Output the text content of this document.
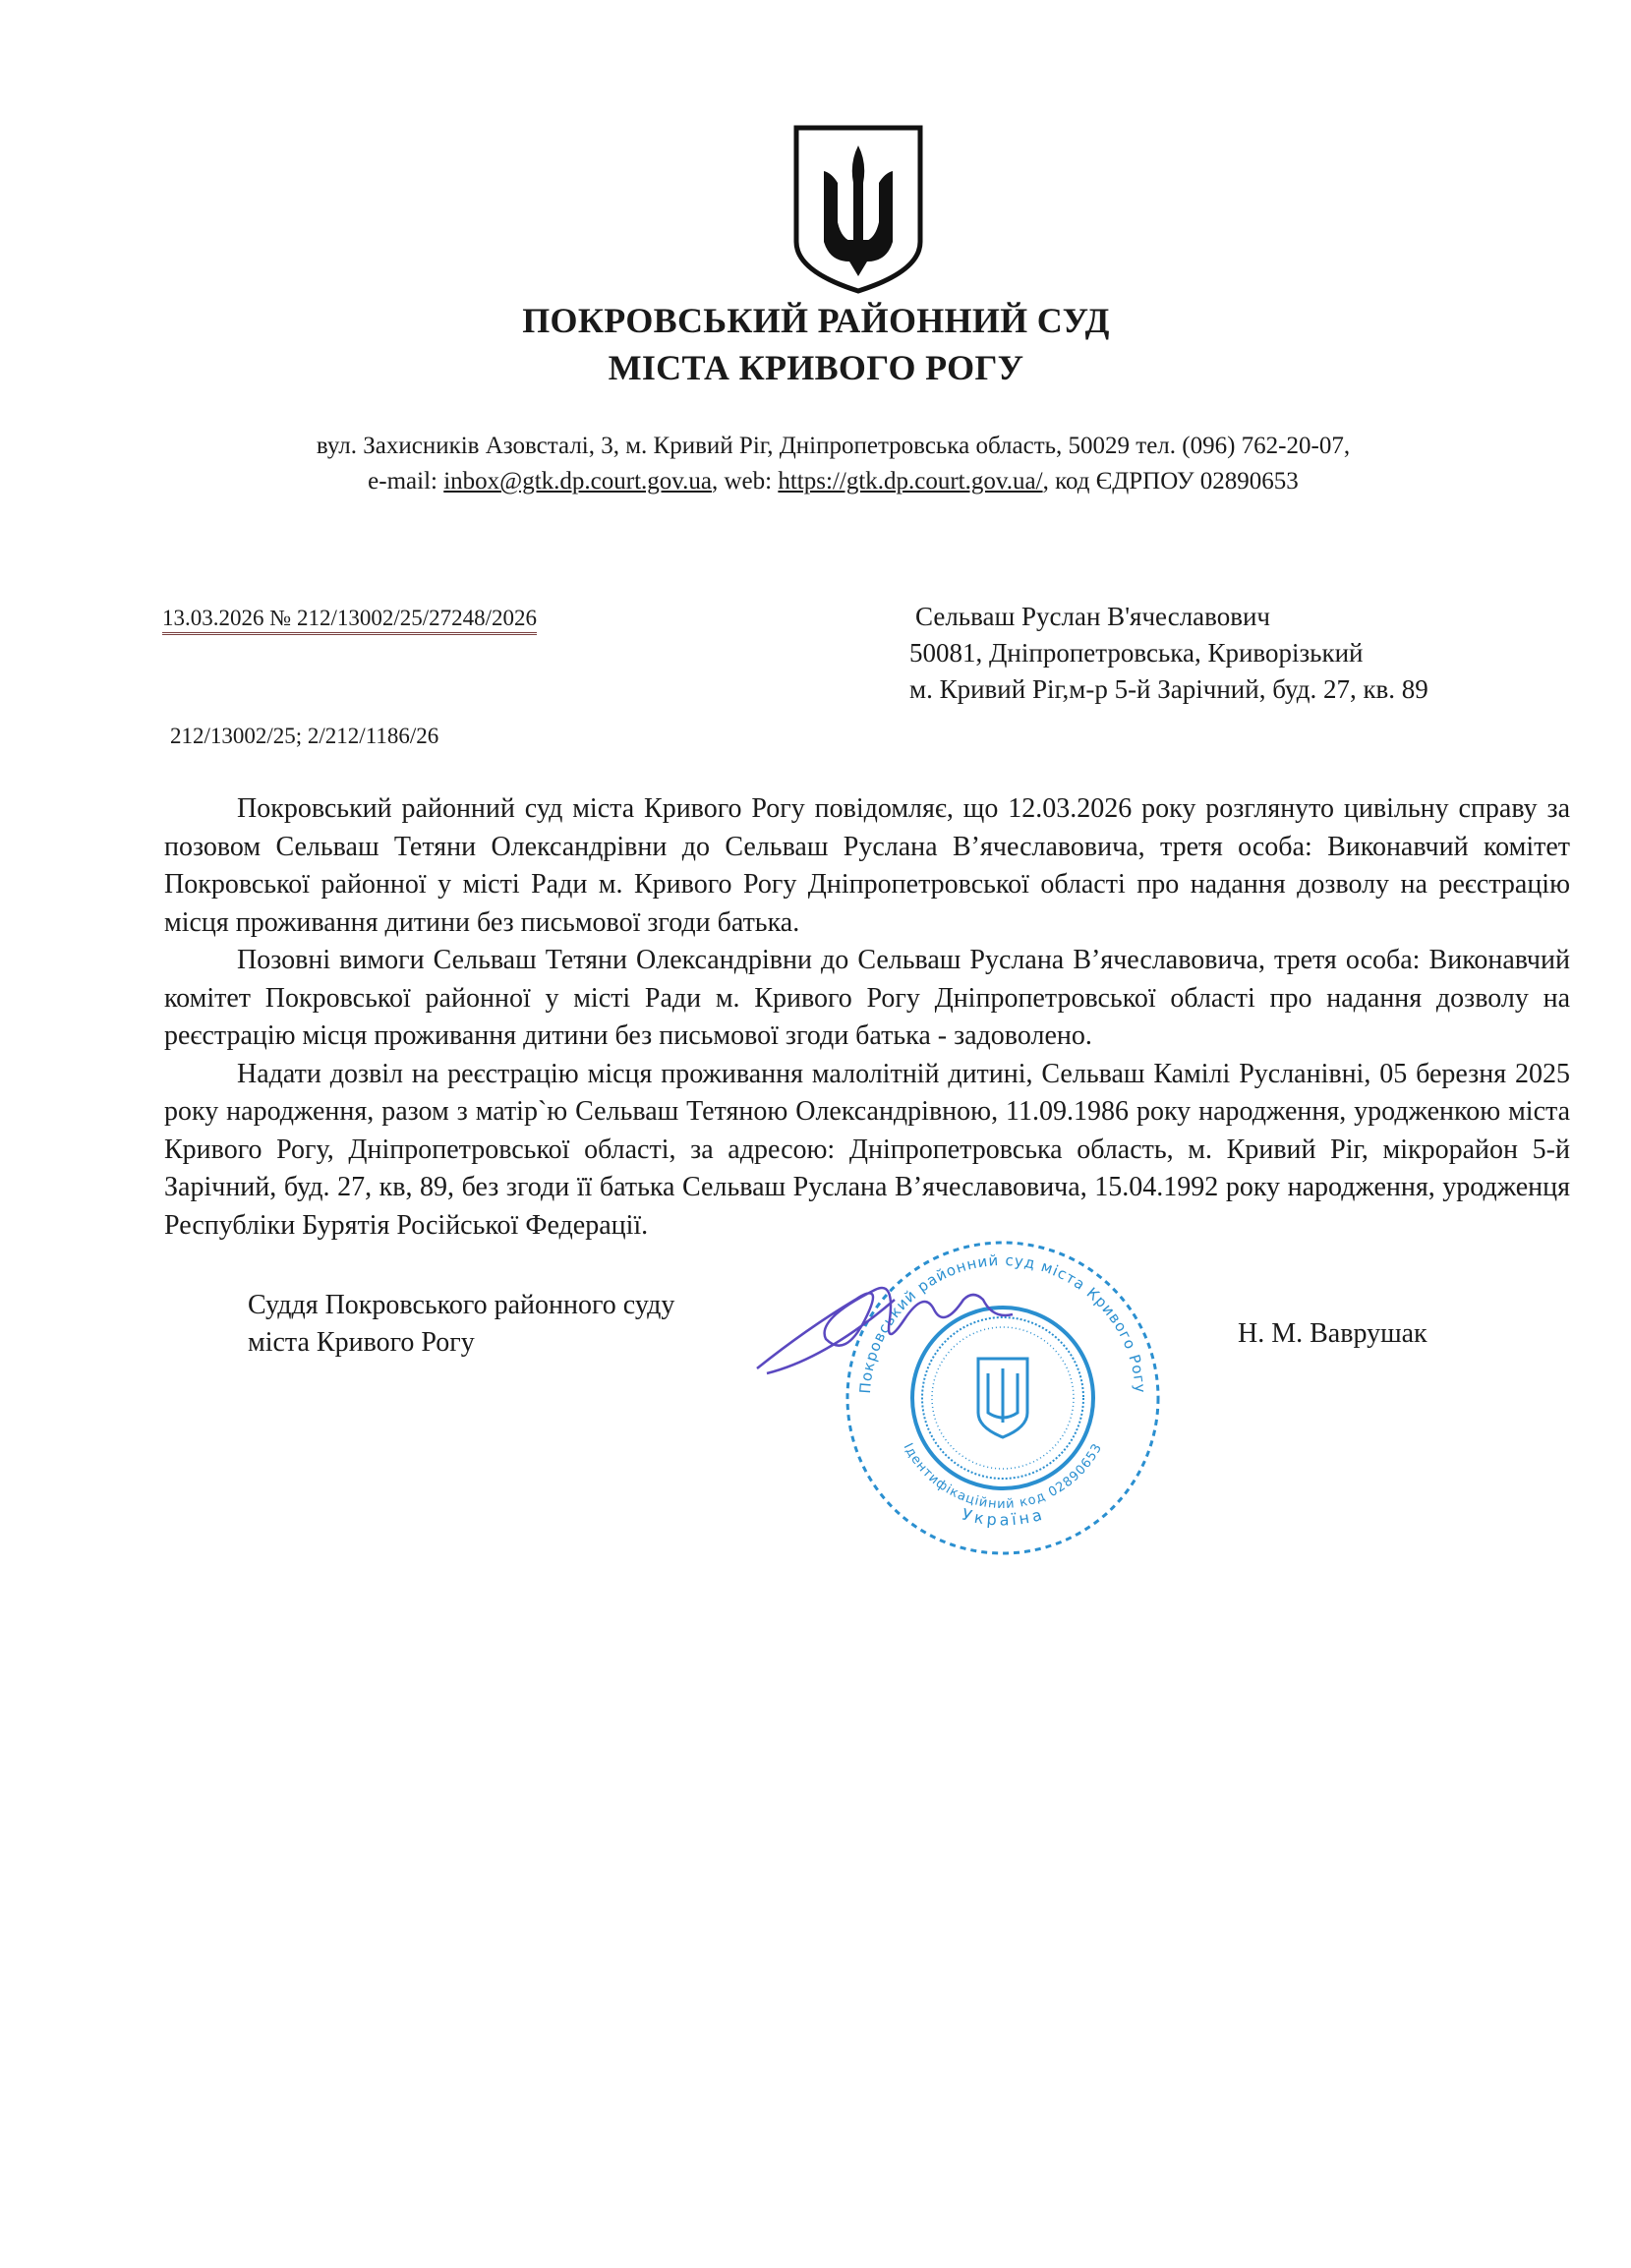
ПОКРОВСЬКИЙ РАЙОННИЙ СУД
МІСТА КРИВОГО РОГУ
вул. Захисників Азовсталі, 3, м. Кривий Ріг, Дніпропетровська область, 50029 тел. (096) 762-20-07,
e-mail: inbox@gtk.dp.court.gov.ua, web: https://gtk.dp.court.gov.ua/, код ЄДРПОУ 02890653
13.03.2026 № 212/13002/25/27248/2026
212/13002/25; 2/212/1186/26
Сельваш Руслан В'ячеславович
50081, Дніпропетровська, Криворізький
м. Кривий Ріг,м-р 5-й Зарічний, буд. 27, кв. 89

Покровський районний суд міста Кривого Рогу повідомляє, що 12.03.2026 року розглянуто цивільну справу за позовом Сельваш Тетяни Олександрівни до Сельваш Руслана В’ячеславовича, третя особа: Виконавчий комітет Покровської районної у місті Ради м. Кривого Рогу Дніпропетровської області про надання дозволу на реєстрацію місця проживання дитини без письмової згоди батька.

Позовні вимоги Сельваш Тетяни Олександрівни до Сельваш Руслана В’ячеславовича, третя особа: Виконавчий комітет Покровської районної у місті Ради м. Кривого Рогу Дніпропетровської області про надання дозволу на реєстрацію місця проживання дитини без письмової згоди батька - задоволено.

Надати дозвіл на реєстрацію місця проживання малолітній дитині, Сельваш Камілі Русланівні, 05 березня 2025 року народження, разом з матір`ю Сельваш Тетяною Олександрівною, 11.09.1986 року народження, уродженкою міста Кривого Рогу, Дніпропетровської області, за адресою: Дніпропетровська область, м. Кривий Ріг, мікрорайон 5-й Зарічний, буд. 27, кв, 89, без згоди її батька Сельваш Руслана В’ячеславовича, 15.04.1992 року народження, уродженця Республіки Бурятія Російської Федерації.

Покровський районний суд міста Кривого Рогу
Ідентифікаційний код 02890653
Україна
Суддя Покровського районного суду
міста Кривого Рогу	Н. М. Ваврушак
